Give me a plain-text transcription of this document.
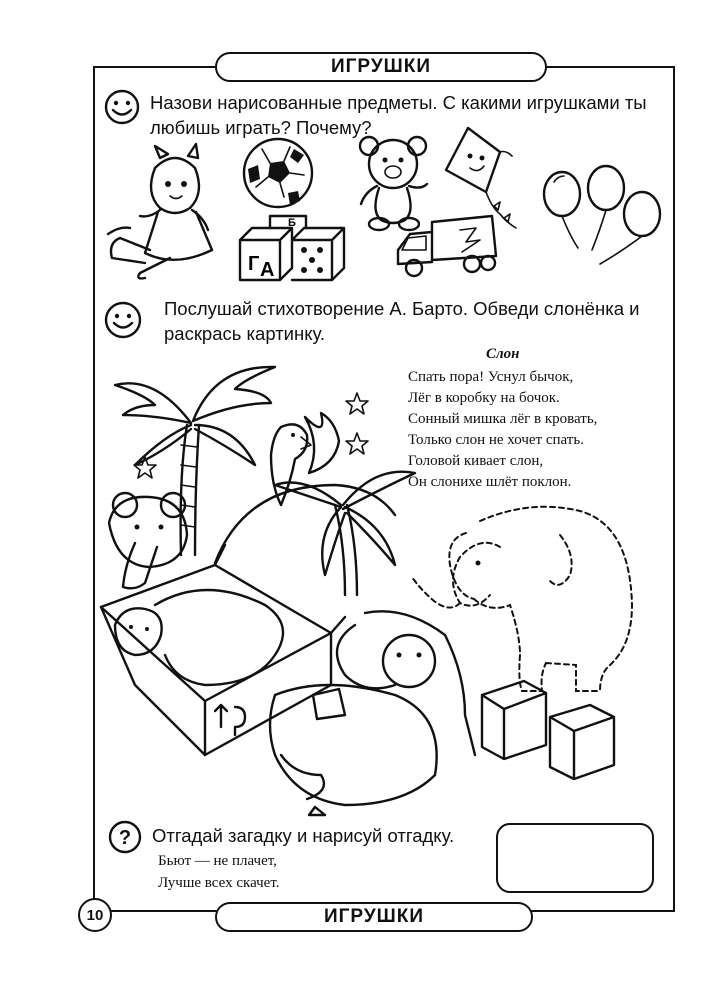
ИГРУШКИ
Назови нарисованные предметы. С какими игрушками ты
любишь играть? Почему?
Б
Г А
Послушай стихотворение А. Барто. Обведи слонёнка и
раскрась картинку.
Слон
Спать пора! Уснул бычок,
Лёг в коробку на бочок.
Сонный мишка лёг в кровать,
Только слон не хочет спать.
Головой кивает слон,
Он слонихе шлёт поклон.
? Отгадай загадку и нарисуй отгадку.
Бьют — не плачет,
Лучше всех скачет.
10	ИГРУШКИ
